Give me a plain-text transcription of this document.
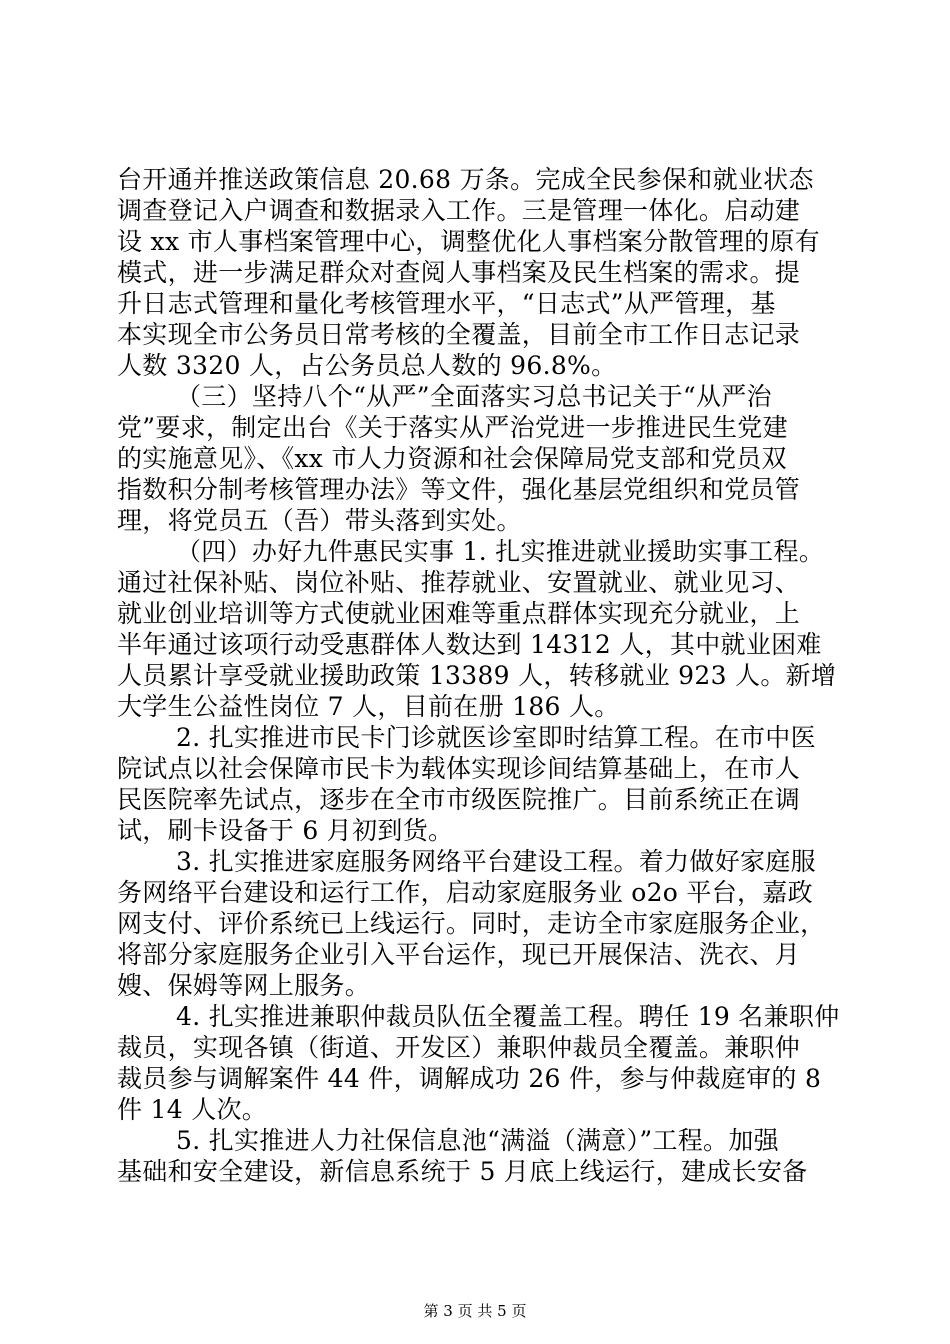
台开通并推送政策信息 20.68 万条。完成全民参保和就业状态
调查登记入户调查和数据录入工作。三是管理一体化。启动建
设 xx 市人事档案管理中心，调整优化人事档案分散管理的原有
模式，进一步满足群众对查阅人事档案及民生档案的需求。提
升日志式管理和量化考核管理水平，“日志式”从严管理，基
本实现全市公务员日常考核的全覆盖，目前全市工作日志记录
人数 3320 人，占公务员总人数的 96.8%。
（三）坚持八个“从严”全面落实习总书记关于“从严治
党”要求，制定出台《关于落实从严治党进一步推进民生党建
的实施意见》、《xx 市人力资源和社会保障局党支部和党员双
指数积分制考核管理办法》等文件，强化基层党组织和党员管
理，将党员五（吾）带头落到实处。
（四）办好九件惠民实事 1. 扎实推进就业援助实事工程。
通过社保补贴、岗位补贴、推荐就业、安置就业、就业见习、
就业创业培训等方式使就业困难等重点群体实现充分就业，上
半年通过该项行动受惠群体人数达到 14312 人，其中就业困难
人员累计享受就业援助政策 13389 人，转移就业 923 人。新增
大学生公益性岗位 7 人，目前在册 186 人。
2. 扎实推进市民卡门诊就医诊室即时结算工程。在市中医
院试点以社会保障市民卡为载体实现诊间结算基础上，在市人
民医院率先试点，逐步在全市市级医院推广。目前系统正在调
试，刷卡设备于 6 月初到货。
3. 扎实推进家庭服务网络平台建设工程。着力做好家庭服
务网络平台建设和运行工作，启动家庭服务业 o2o 平台，嘉政
网支付、评价系统已上线运行。同时，走访全市家庭服务企业，
将部分家庭服务企业引入平台运作，现已开展保洁、洗衣、月
嫂、保姆等网上服务。
4. 扎实推进兼职仲裁员队伍全覆盖工程。聘任 19 名兼职仲
裁员，实现各镇（街道、开发区）兼职仲裁员全覆盖。兼职仲
裁员参与调解案件 44 件，调解成功 26 件，参与仲裁庭审的 8
件 14 人次。
5. 扎实推进人力社保信息池“满溢（满意）”工程。加强
基础和安全建设，新信息系统于 5 月底上线运行，建成长安备
第 3 页 共 5 页
